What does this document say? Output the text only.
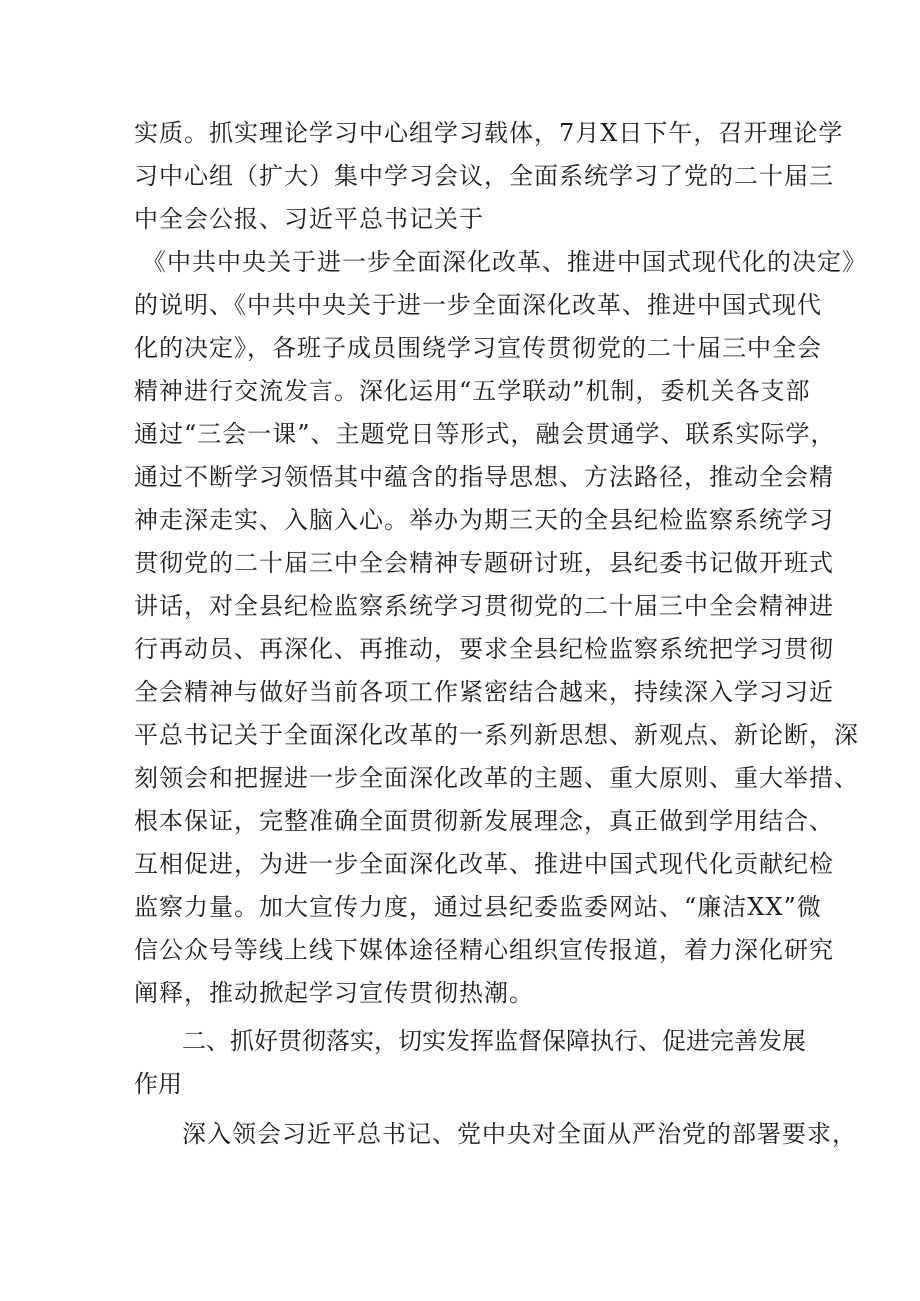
实质。抓实理论学习中心组学习载体，7月X日下午，召开理论学
习中心组（扩大）集中学习会议，全面系统学习了党的二十届三
中全会公报、习近平总书记关于
《中共中央关于进一步全面深化改革、推进中国式现代化的决定》
的说明、《中共中央关于进一步全面深化改革、推进中国式现代
化的决定》，各班子成员围绕学习宣传贯彻党的二十届三中全会
精神进行交流发言。深化运用“五学联动”机制，委机关各支部
通过“三会一课”、主题党日等形式，融会贯通学、联系实际学，
通过不断学习领悟其中蕴含的指导思想、方法路径，推动全会精
神走深走实、入脑入心。举办为期三天的全县纪检监察系统学习
贯彻党的二十届三中全会精神专题研讨班，县纪委书记做开班式
讲话，对全县纪检监察系统学习贯彻党的二十届三中全会精神进
行再动员、再深化、再推动，要求全县纪检监察系统把学习贯彻
全会精神与做好当前各项工作紧密结合越来，持续深入学习习近
平总书记关于全面深化改革的一系列新思想、新观点、新论断，深
刻领会和把握进一步全面深化改革的主题、重大原则、重大举措、
根本保证，完整准确全面贯彻新发展理念，真正做到学用结合、
互相促进，为进一步全面深化改革、推进中国式现代化贡献纪检
监察力量。加大宣传力度，通过县纪委监委网站、“廉洁XX”微
信公众号等线上线下媒体途径精心组织宣传报道，着力深化研究
阐释，推动掀起学习宣传贯彻热潮。
二、抓好贯彻落实，切实发挥监督保障执行、促进完善发展
作用
深入领会习近平总书记、党中央对全面从严治党的部署要求，
